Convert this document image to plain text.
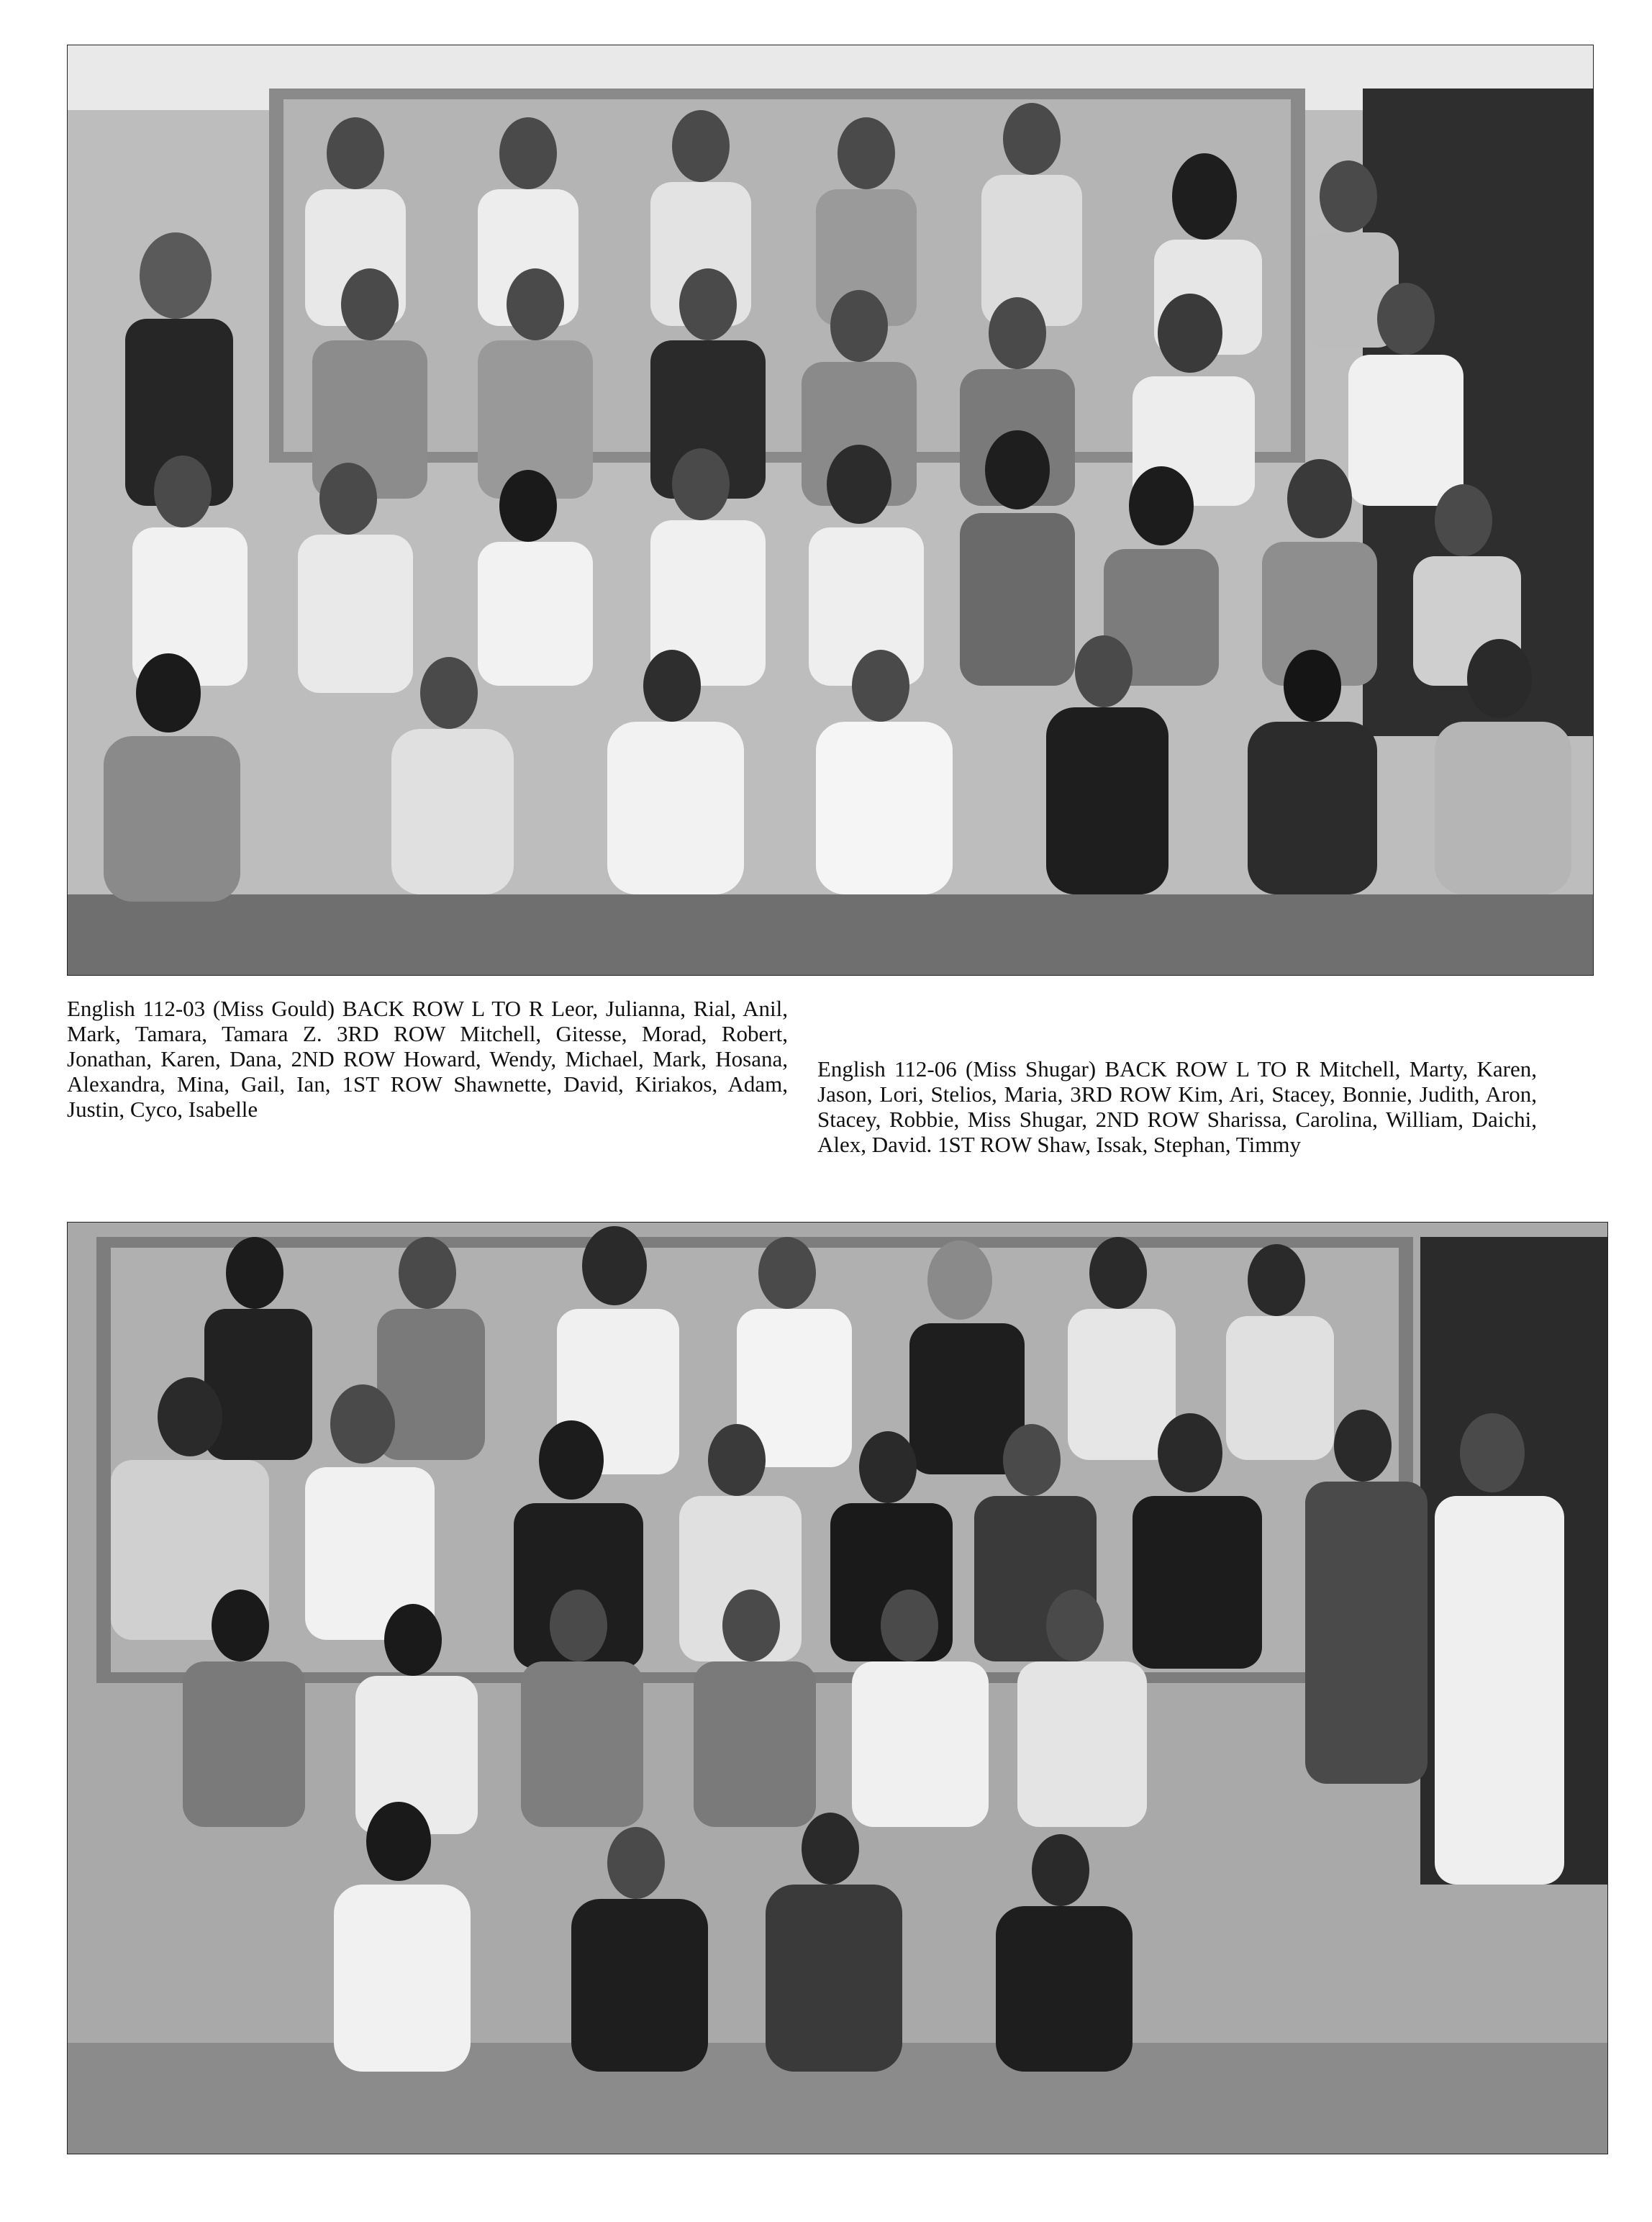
English 112-03 (Miss Gould) BACK ROW L TO R Leor, Julianna, Rial, Anil, Mark, Tamara, Tamara Z. 3RD ROW Mitchell, Gitesse, Morad, Robert, Jonathan, Karen, Dana, 2ND ROW Howard, Wendy, Michael, Mark, Hosana, Alexandra, Mina, Gail, Ian, 1ST ROW Shawnette, David, Kiriakos, Adam, Justin, Cyco, Isabelle

English 112-06 (Miss Shugar) BACK ROW L TO R Mitchell, Marty, Karen, Jason, Lori, Stelios, Maria, 3RD ROW Kim, Ari, Stacey, Bonnie, Judith, Aron, Stacey, Robbie, Miss Shugar, 2ND ROW Sharissa, Carolina, William, Daichi, Alex, David. 1ST ROW Shaw, Issak, Stephan, Timmy
